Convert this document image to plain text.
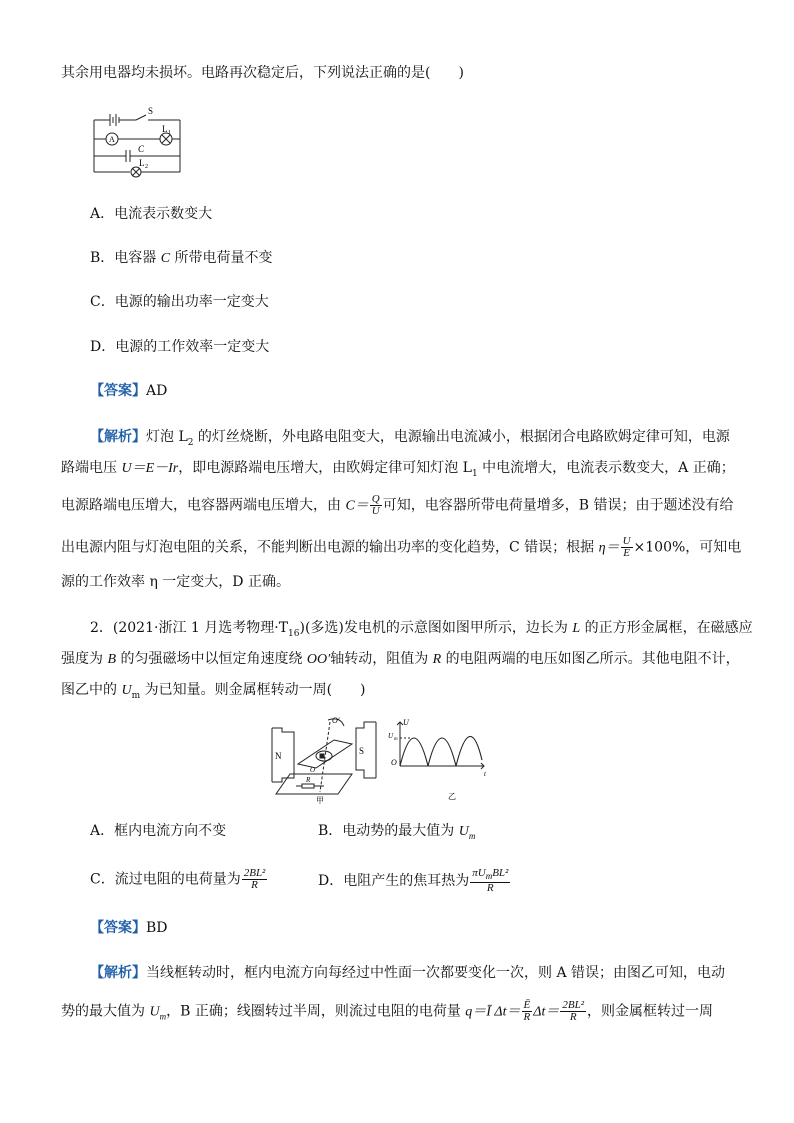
其余用电器均未损坏。电路再次稳定后，下列说法正确的是(　　)
S
A
L 1
C
L 2
A．电流表示数变大
B．电容器 C 所带电荷量不变
C．电源的输出功率一定变大
D．电源的工作效率一定变大
【答案】AD
【解析】灯泡 $L_2$ 的灯丝烧断，外电路电阻变大，电源输出电流减小，根据闭合电路欧姆定律可知，电源
路端电压 U＝E－Ir，即电源路端电压增大，由欧姆定律可知灯泡 $L_1$ 中电流增大，电流表示数变大，A 正确；
电源路端电压增大，电容器两端电压增大，由 $C= \frac{Q}{U}$ 可知，电容器所带电荷量增多，B 错误；由于题述没有给
出电源内阻与灯泡电阻的关系，不能判断出电源的输出功率的变化趋势，C 错误；根据 $\eta= \frac{U}{E} \times 100\%$，可知电
源的工作效率 η 一定变大，D 正确。
2．(2021·浙江 1 月选考物理$\cdot T_{16}$)(多选)发电机的示意图如图甲所示，边长为 L 的正方形金属框，在磁感应
强度为 B 的匀强磁场中以恒定角速度绕 OO′轴转动，阻值为 R 的电阻两端的电压如图乙所示。其他电阻不计，
图乙中的 $U_m$ 为已知量。则金属框转动一周(　　)
N	S
O′
O
R
甲
U
U m
O
t
乙
A．框内电流方向不变	B．电动势的最大值为 $U_m$
C．流过电阻的电荷量为 $\frac{\text{2BL²}}{R}$	D．电阻产生的焦耳热为 $\frac{\pi U_mBL^2}{R}$
【答案】BD
【解析】当线框转动时，框内电流方向每经过中性面一次都要变化一次，则 A 错误；由图乙可知，电动
势的最大值为 $U_m$，B 正确；线圈转过半周，则流过电阻的电荷量 q＝Ī $\Delta t= \frac{Ē}{R} \Delta t= \frac{\text{2BL²}}{R}$ ，则金属框转过一周
